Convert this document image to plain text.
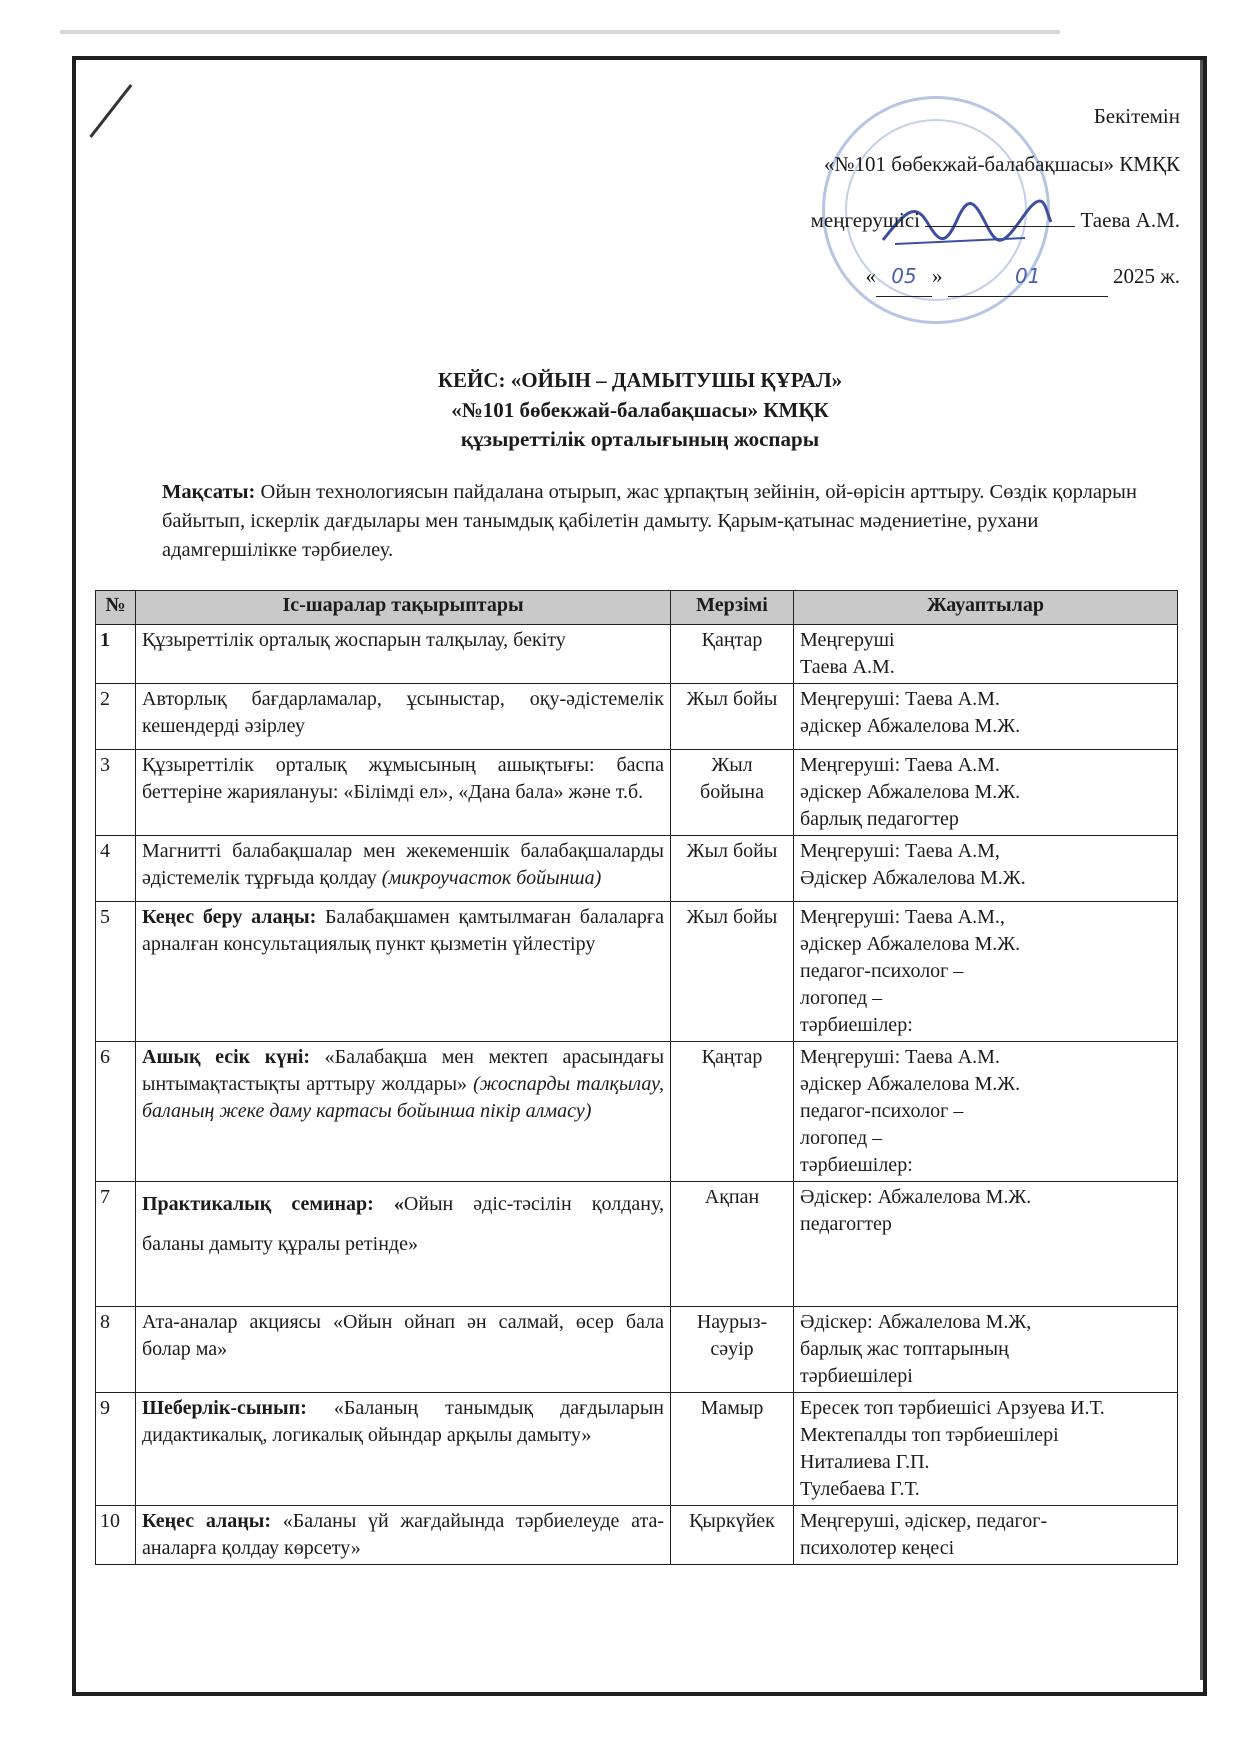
Бекітемін
«№101 бөбекжай-балабақшасы» КМҚК
меңгерушісі	Таева А.М.
« 05 »	01	2025 ж.
КЕЙС: «ОЙЫН – ДАМЫТУШЫ ҚҰРАЛ»
«№101 бөбекжай-балабақшасы» КМҚК
құзыреттілік орталығының жоспары
Мақсаты: Ойын технологиясын пайдалана отырып, жас ұрпақтың зейінін, ой-өрісін арттыру. Сөздік қорларын байытып, іскерлік дағдылары мен танымдық қабілетін дамыту. Қарым-қатынас мәдениетіне, рухани адамгершілікке тәрбиелеу.
№	Іс-шаралар тақырыптары	Мерзімі	Жауаптылар
1	Құзыреттілік орталық жоспарын талқылау, бекіту	Қаңтар	Меңгеруші
Таева А.М.

2	Авторлық бағдарламалар, ұсыныстар, оқу-әдістемелік кешендерді әзірлеу	Жыл бойы	Меңгеруші: Таева А.М.
әдіскер Абжалелова М.Ж.

3	Құзыреттілік орталық жұмысының ашықтығы: баспа беттеріне жариялануы: «Білімді ел», «Дана бала» және т.б.	Жыл бойына	Меңгеруші: Таева А.М.
әдіскер Абжалелова М.Ж.
барлық педагогтер

4	Магнитті балабақшалар мен жекеменшік балабақшаларды әдістемелік тұрғыда қолдау (микроучасток бойынша)	Жыл бойы	Меңгеруші: Таева А.М,
Әдіскер Абжалелова М.Ж.

5	Кеңес беру алаңы: Балабақшамен қамтылмаған балаларға арналған консультациялық пункт қызметін үйлестіру	Жыл бойы	Меңгеруші: Таева А.М.,
әдіскер Абжалелова М.Ж.
педагог-психолог –
логопед –
тәрбиешілер:

6	Ашық есік күні: «Балабақша мен мектеп арасындағы ынтымақтастықты арттыру жолдары» (жоспарды талқылау, баланың жеке даму картасы бойынша пікір алмасу)	Қаңтар	Меңгеруші: Таева А.М.
әдіскер Абжалелова М.Ж.
педагог-психолог –
логопед –
тәрбиешілер:

7	Практикалық семинар: «Ойын әдіс-тәсілін қолдану, баланы дамыту құралы ретінде»	Ақпан	Әдіскер: Абжалелова М.Ж.
педагогтер

8	Ата-аналар акциясы «Ойын ойнап ән салмай, өсер бала болар ма»	Наурыз-сәуір	Әдіскер: Абжалелова М.Ж,
барлық жас топтарының
тәрбиешілері

9	Шеберлік-сынып: «Баланың танымдық дағдыларын дидактикалық, логикалық ойындар арқылы дамыту»	Мамыр	Ересек топ тәрбиешісі Арзуева И.Т.
Мектепалды топ тәрбиешілері
Ниталиева Г.П.
Тулебаева Г.Т.

10	Кеңес алаңы: «Баланы үй жағдайында тәрбиелеуде ата-аналарға қолдау көрсету»	Қыркүйек	Меңгеруші, әдіскер, педагог-
психолотер кеңесі
